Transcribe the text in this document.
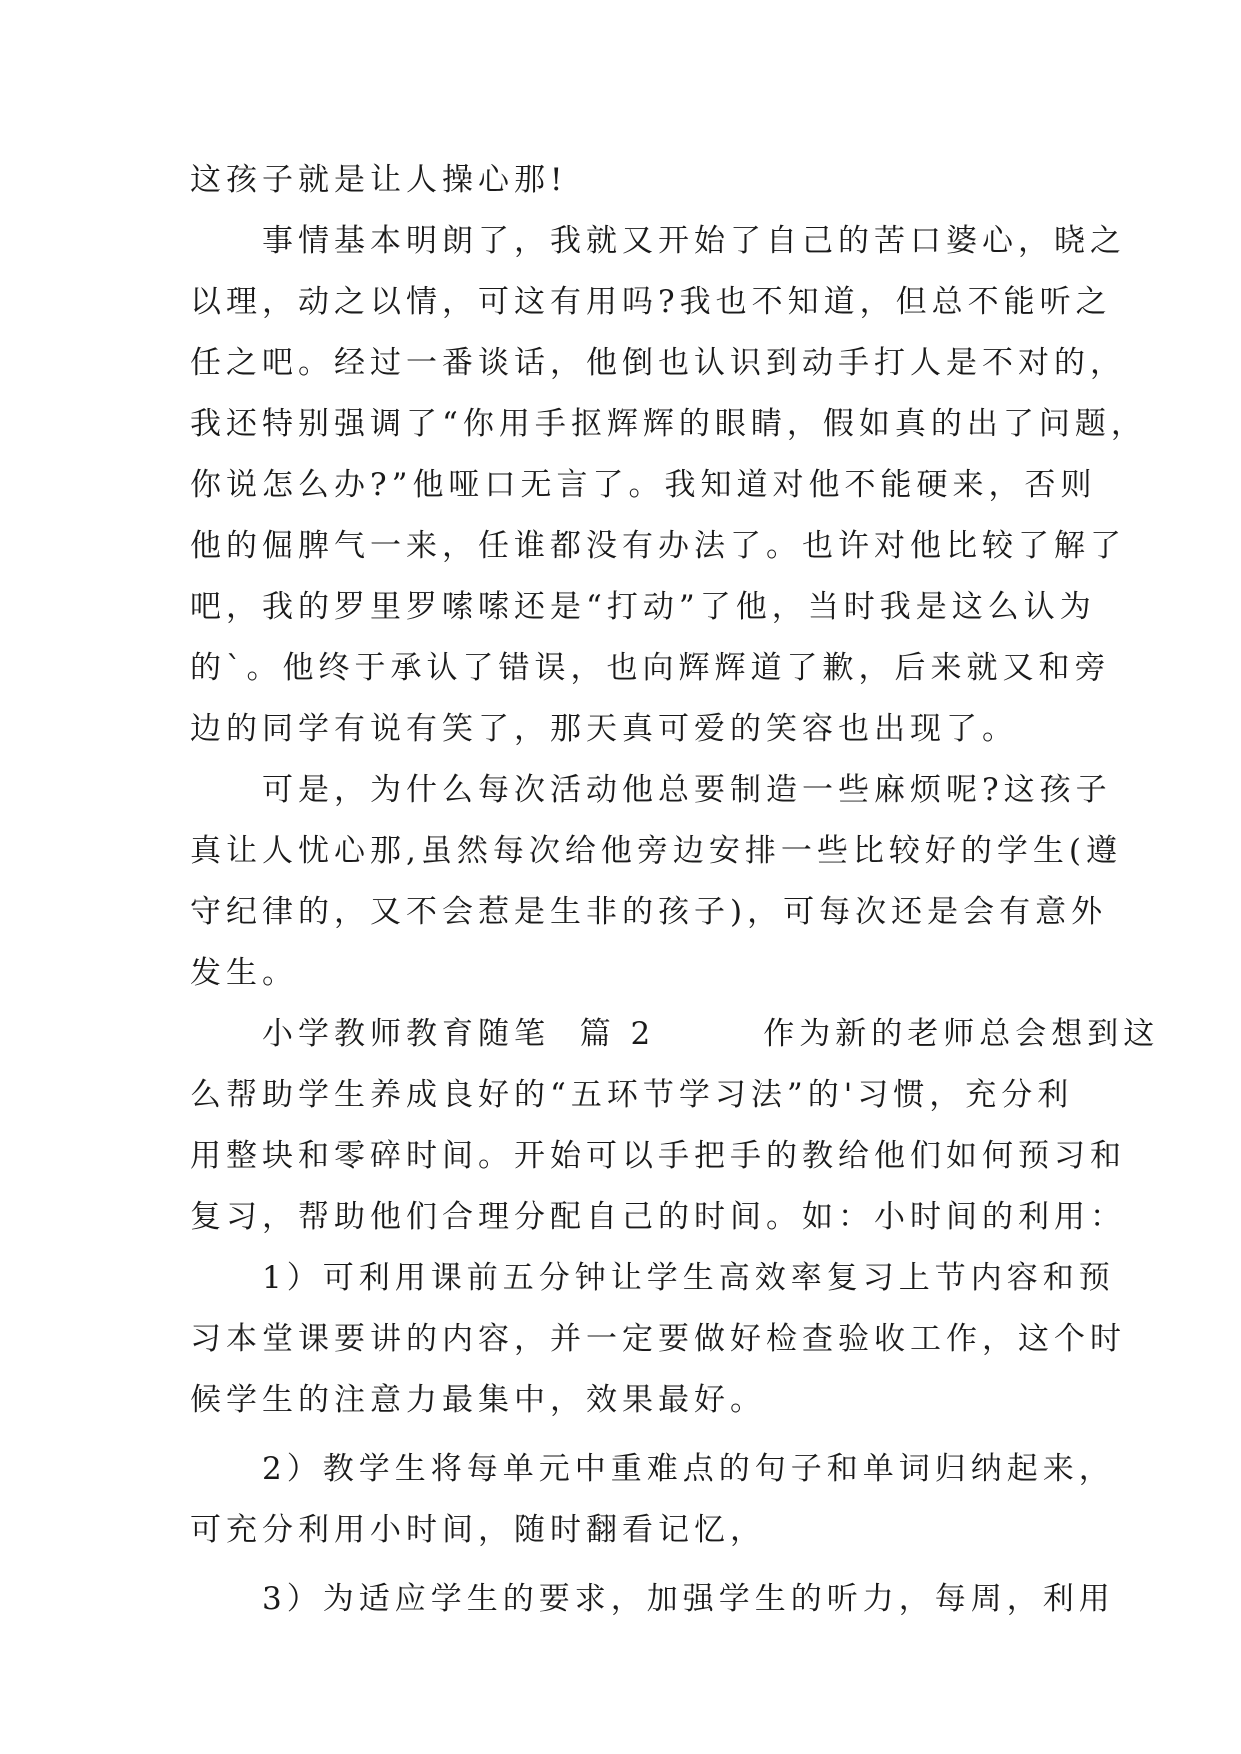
这孩子就是让人操心那!
　　事情基本明朗了，我就又开始了自己的苦口婆心，晓之
以理，动之以情，可这有用吗?我也不知道，但总不能听之
任之吧。经过一番谈话，他倒也认识到动手打人是不对的，
我还特别强调了“你用手抠辉辉的眼睛，假如真的出了问题，
你说怎么办?”他哑口无言了。我知道对他不能硬来，否则
他的倔脾气一来，任谁都没有办法了。也许对他比较了解了
吧，我的罗里罗嗦嗦还是“打动”了他，当时我是这么认为
的`。他终于承认了错误，也向辉辉道了歉，后来就又和旁
边的同学有说有笑了，那天真可爱的笑容也出现了。
　　可是，为什么每次活动他总要制造一些麻烦呢?这孩子
真让人忧心那,虽然每次给他旁边安排一些比较好的学生(遵
守纪律的，又不会惹是生非的孩子)，可每次还是会有意外
发生。
　　小学教师教育随笔  篇 2　　　作为新的老师总会想到这
么帮助学生养成良好的“五环节学习法”的'习惯，充分利
用整块和零碎时间。开始可以手把手的教给他们如何预习和
复习，帮助他们合理分配自己的时间。如：小时间的利用：
　　1）可利用课前五分钟让学生高效率复习上节内容和预
习本堂课要讲的内容，并一定要做好检查验收工作，这个时
候学生的注意力最集中，效果最好。
　　2）教学生将每单元中重难点的句子和单词归纳起来，
可充分利用小时间，随时翻看记忆，
　　3）为适应学生的要求，加强学生的听力，每周，利用
